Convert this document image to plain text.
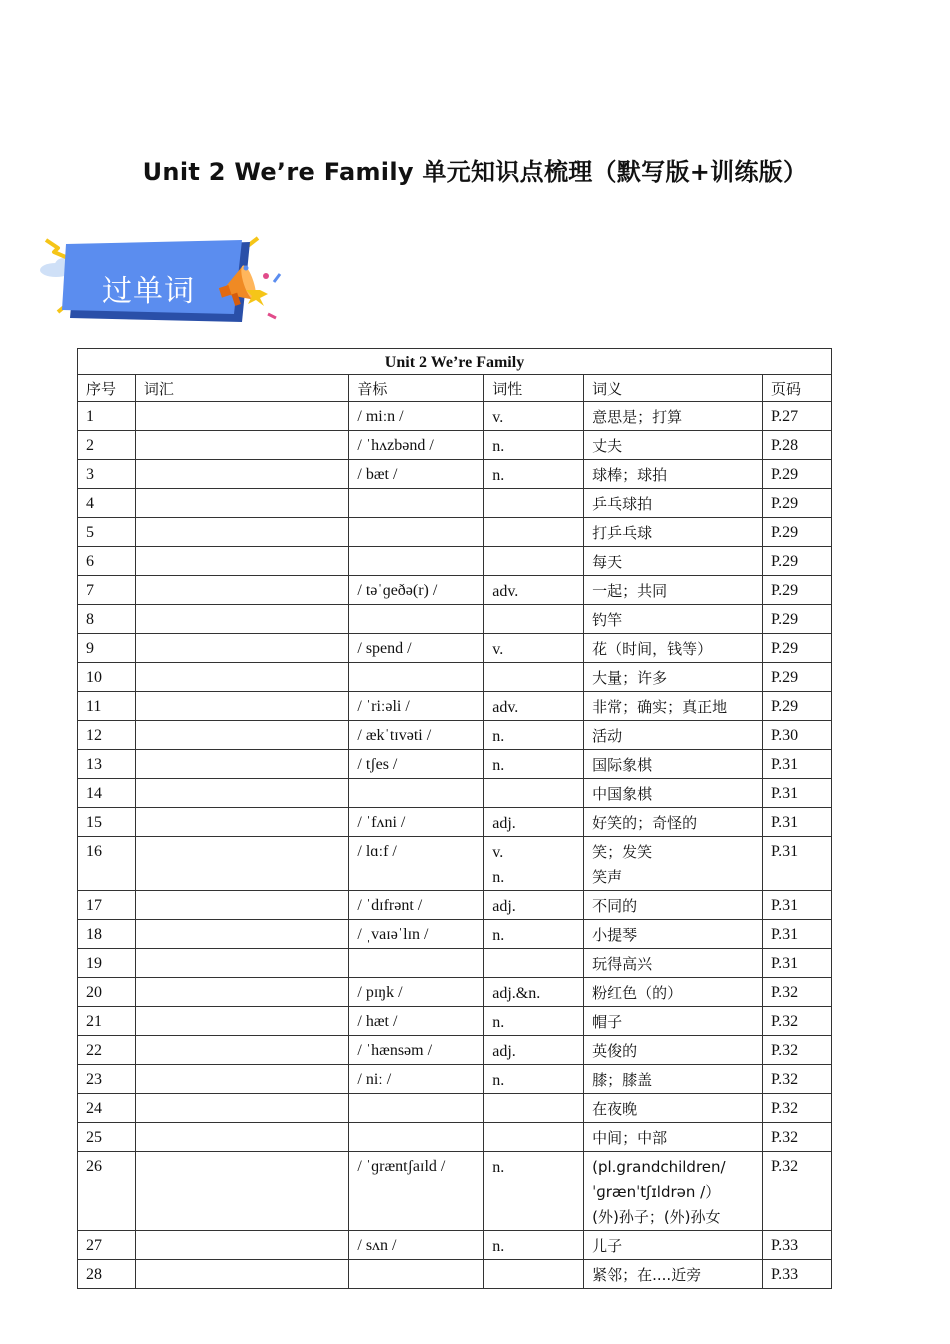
Unit 2 We’re Family 单元知识点梳理（默写版+训练版）
过单词
Unit 2 We’re Family					
序号	词汇	音标	词性	词义	页码
1		/ miːn /	v.	意思是；打算	P.27
2		/ ˈhʌzbənd /	n.	丈夫	P.28
3		/ bæt /	n.	球棒；球拍	P.29
4				乒乓球拍	P.29
5				打乒乓球	P.29
6				每天	P.29
7		/ təˈɡeðə(r) /	adv.	一起；共同	P.29
8				钓竿	P.29
9		/ spend /	v.	花（时间，钱等）	P.29
10				大量；许多	P.29
11		/ ˈriːəli /	adv.	非常；确实；真正地	P.29
12		/ ækˈtɪvəti /	n.	活动	P.30
13		/ tʃes /	n.	国际象棋	P.31
14				中国象棋	P.31
15		/ ˈfʌni /	adj.	好笑的；奇怪的	P.31
16		/ lɑːf /	v.
n.	笑；发笑
笑声	P.31
17		/ ˈdɪfrənt /	adj.	不同的	P.31
18		/ ˌvaɪəˈlɪn /	n.	小提琴	P.31
19				玩得高兴	P.31
20		/ pɪŋk /	adj.&n.	粉红色（的）	P.32
21		/ hæt /	n.	帽子	P.32
22		/ ˈhænsəm /	adj.	英俊的	P.32
23		/ niː /	n.	膝；膝盖	P.32
24				在夜晚	P.32
25				中间；中部	P.32
26		/ ˈɡræntʃaɪld /	n.	(pl.grandchildren/
ˈɡrænˈtʃɪldrən /）
(外)孙子；(外)孙女	P.32
27		/ sʌn /	n.	儿子	P.33
28				紧邻；在....近旁	P.33
